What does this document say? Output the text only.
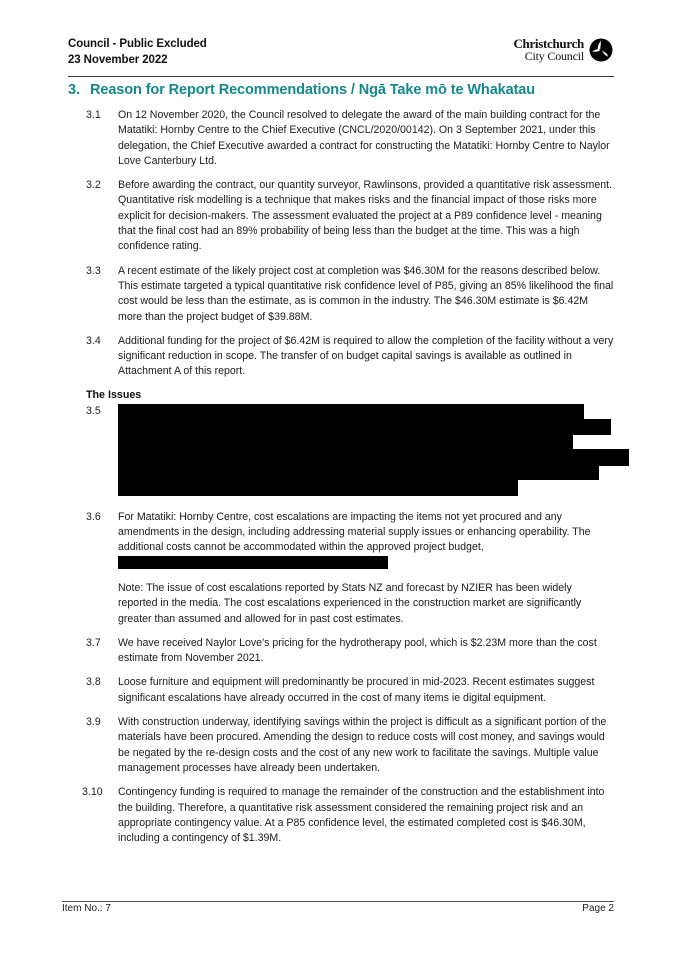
Council - Public Excluded
23 November 2022
Christchurch
City Council
3. Reason for Report Recommendations / Ngā Take mō te Whakatau
3.1	On 12 November 2020, the Council resolved to delegate the award of the main building contract for the Matatiki: Hornby Centre to the Chief Executive (CNCL/2020/00142). On 3 September 2021, under this delegation, the Chief Executive awarded a contract for constructing the Matatiki: Hornby Centre to Naylor Love Canterbury Ltd.
3.2	Before awarding the contract, our quantity surveyor, Rawlinsons, provided a quantitative risk assessment. Quantitative risk modelling is a technique that makes risks and the financial impact of those risks more explicit for decision-makers. The assessment evaluated the project at a P89 confidence level - meaning that the final cost had an 89% probability of being less than the budget at the time. This was a high confidence rating.
3.3	A recent estimate of the likely project cost at completion was $46.30M for the reasons described below. This estimate targeted a typical quantitative risk confidence level of P85, giving an 85% likelihood the final cost would be less than the estimate, as is common in the industry. The $46.30M estimate is $6.42M more than the project budget of $39.88M.
3.4	Additional funding for the project of $6.42M is required to allow the completion of the facility without a very significant reduction in scope. The transfer of on budget capital savings is available as outlined in Attachment A of this report.
The Issues
3.5
3.6	For Matatiki: Hornby Centre, cost escalations are impacting the items not yet procured and any amendments in the design, including addressing material supply issues or enhancing operability. The additional costs cannot be accommodated within the approved project budget,
Note: The issue of cost escalations reported by Stats NZ and forecast by NZIER has been widely reported in the media. The cost escalations experienced in the construction market are significantly greater than assumed and allowed for in past cost estimates.
3.7	We have received Naylor Love's pricing for the hydrotherapy pool, which is $2.23M more than the cost estimate from November 2021.
3.8	Loose furniture and equipment will predominantly be procured in mid-2023. Recent estimates suggest significant escalations have already occurred in the cost of many items ie digital equipment.
3.9	With construction underway, identifying savings within the project is difficult as a significant portion of the materials have been procured. Amending the design to reduce costs will cost money, and savings would be negated by the re-design costs and the cost of any new work to facilitate the savings. Multiple value management processes have already been undertaken.
3.10	Contingency funding is required to manage the remainder of the construction and the establishment into the building. Therefore, a quantitative risk assessment considered the remaining project risk and an appropriate contingency value. At a P85 confidence level, the estimated completed cost is $46.30M, including a contingency of $1.39M.
Item No.: 7	Page 2
